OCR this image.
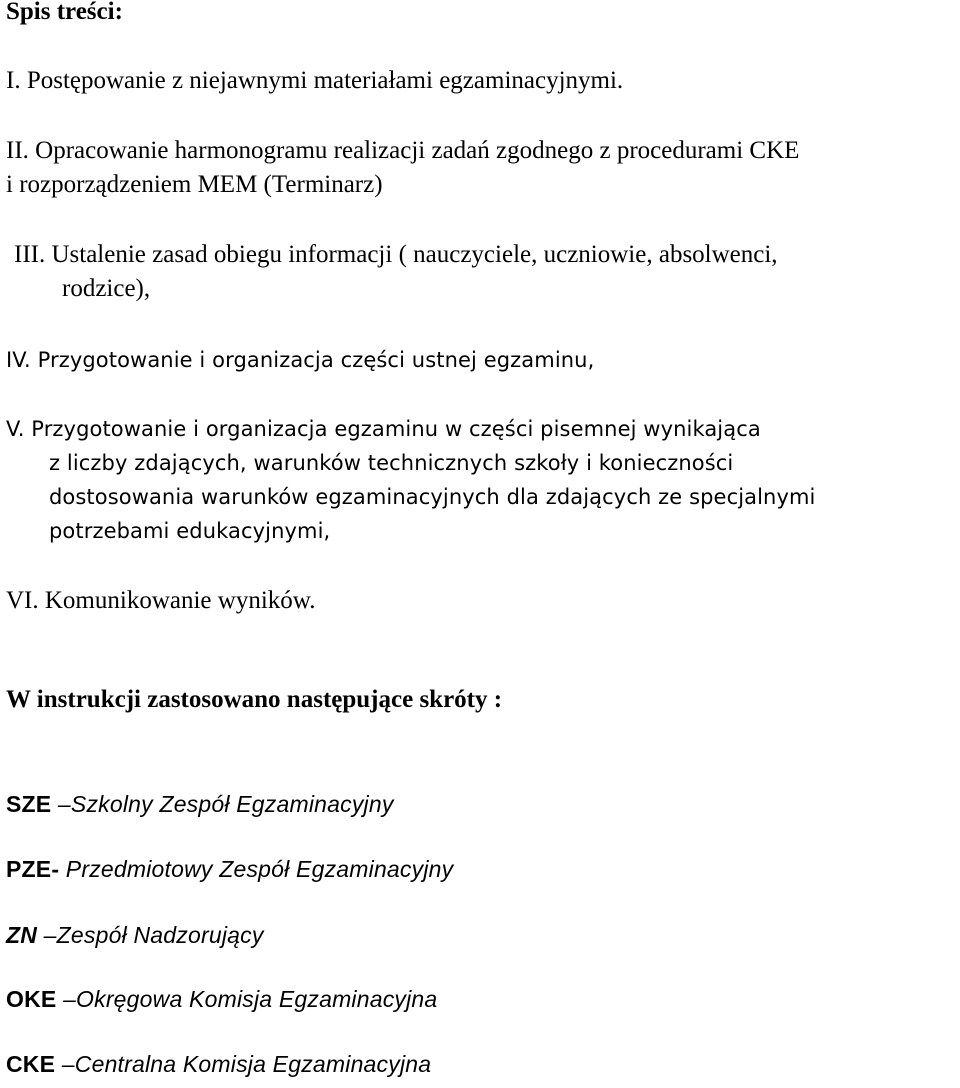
Spis treści:
I. Postępowanie z niejawnymi materiałami egzaminacyjnymi.
II. Opracowanie harmonogramu realizacji zadań zgodnego z procedurami CKE
i rozporządzeniem MEM (Terminarz)
III. Ustalenie zasad obiegu informacji ( nauczyciele, uczniowie, absolwenci,
rodzice),
IV. Przygotowanie i organizacja części ustnej egzaminu,
V. Przygotowanie i organizacja egzaminu w części pisemnej wynikająca
z liczby zdających, warunków technicznych szkoły i konieczności
dostosowania warunków egzaminacyjnych dla zdających ze specjalnymi
potrzebami edukacyjnymi,
VI. Komunikowanie wyników.
W instrukcji zastosowano następujące skróty :
SZE –Szkolny Zespół Egzaminacyjny
PZE- Przedmiotowy Zespół Egzaminacyjny
ZN –Zespół Nadzorujący
OKE –Okręgowa Komisja Egzaminacyjna
CKE –Centralna Komisja Egzaminacyjna
